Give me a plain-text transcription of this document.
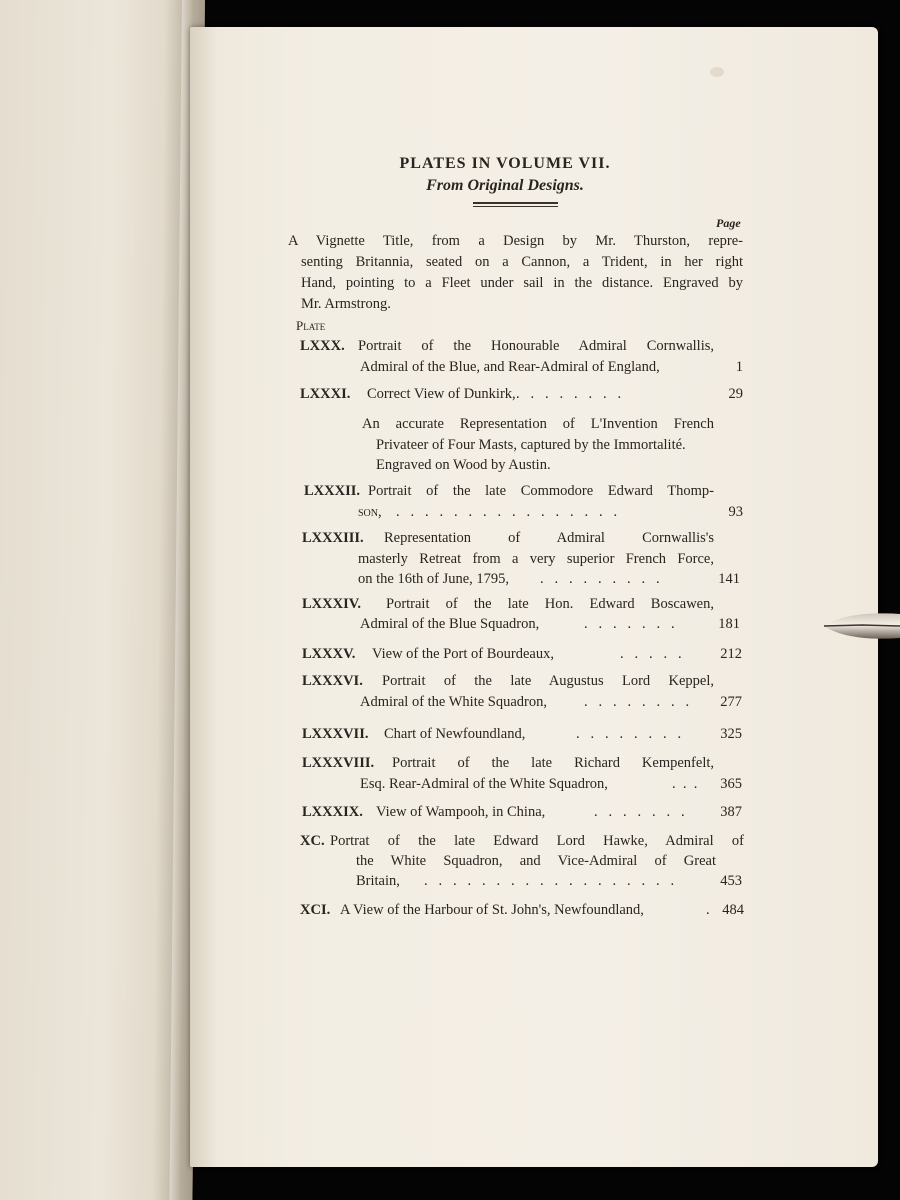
PLATES IN VOLUME VII.
From Original Designs.
Page
A Vignette Title, from a Design by Mr. Thurston, repre-
senting Britannia, seated on a Cannon, a Trident, in her right
Hand, pointing to a Fleet under sail in the distance. Engraved by
Mr. Armstrong.
Plate
LXXX. Portrait of the Honourable Admiral Cornwallis,
Admiral of the Blue, and Rear-Admiral of England,	1
LXXXI. Correct View of Dunkirk, .   .   .   .   .   .   .   .	29
An accurate Representation of L'Invention French
Privateer of Four Masts, captured by the Immortalité.
Engraved on Wood by Austin.
LXXXII. Portrait of the late Commodore Edward Thomp-
son, .   .   .   .   .   .   .   .   .   .   .   .   .   .   .   .	93
LXXXIII. Representation of Admiral Cornwallis's
masterly Retreat from a very superior French Force,
on the 16th of June, 1795, .   .   .   .   .   .   .   .   .	141
LXXXIV. Portrait of the late Hon. Edward Boscawen,
Admiral of the Blue Squadron,	.   .   .   .   .   .   .	181
LXXXV. View of the Port of Bourdeaux,	.   .   .   .   .	212
LXXXVI. Portrait of the late Augustus Lord Keppel,
Admiral of the White Squadron,	.   .   .   .   .   .   .   .	277
LXXXVII. Chart of Newfoundland,	.   .   .   .   .   .   .   .	325
LXXXVIII. Portrait of the late Richard Kempenfelt,
Esq. Rear-Admiral of the White Squadron,	.  .  .	365
LXXXIX. View of Wampooh, in China,	.   .   .   .   .   .   .	387
XC. Portrat of the late Edward Lord Hawke, Admiral of
the White Squadron, and Vice-Admiral of Great
Britain, .   .   .   .   .   .   .   .   .   .   .   .   .   .   .   .   .   .	453
XCI. A View of the Harbour of St. John's, Newfoundland,	. 484
